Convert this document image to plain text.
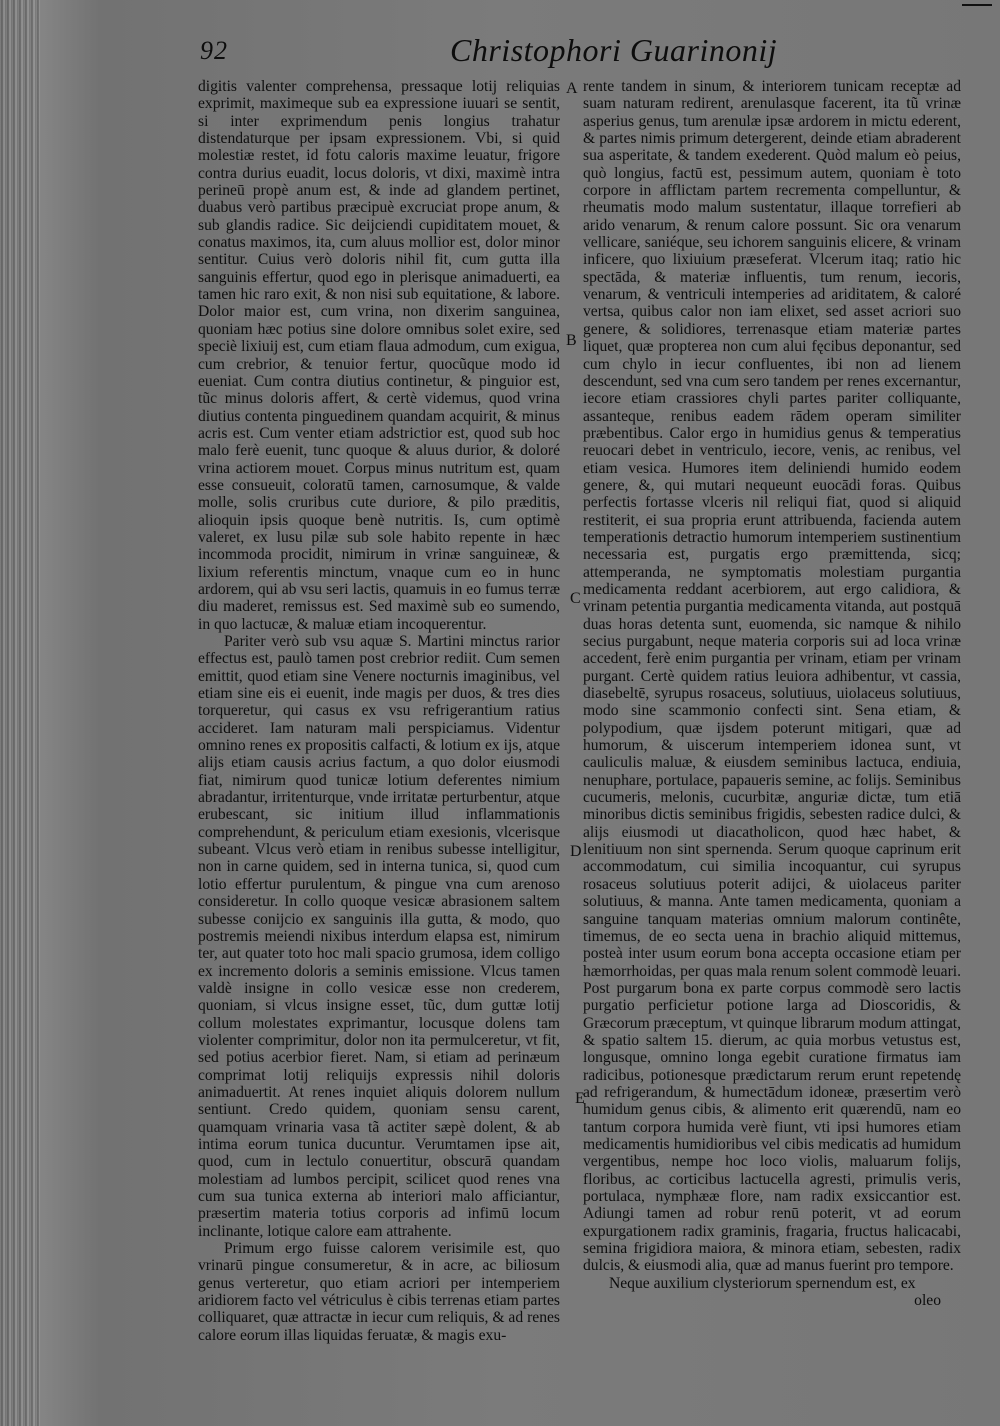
92	Christophori Guarinonij
A
B
C
D
E

digitis valenter comprehensa, pressaque lotij reliquias exprimit, maximeque sub ea expressione iuuari se sentit, si inter exprimendum penis longius trahatur distendaturque per ipsam expressionem. Vbi, si quid molestiæ restet, id fotu caloris maxime leuatur, frigore contra durius euadit, locus doloris, vt dixi, maximè intra perineū propè anum est, & inde ad glandem pertinet, duabus verò partibus præcipuè excruciat prope anum, & sub glandis radice. Sic deijciendi cupiditatem mouet, & conatus maximos, ita, cum aluus mollior est, dolor minor sentitur. Cuius verò doloris nihil fit, cum gutta illa sanguinis effertur, quod ego in plerisque animaduerti, ea tamen hic raro exit, & non nisi sub equitatione, & labore. Dolor maior est, cum vrina, non dixerim sanguinea, quoniam hæc potius sine dolore omnibus solet exire, sed speciè lixiuij est, cum etiam flaua admodum, cum exigua, cum crebrior, & tenuior fertur, quocũque modo id eueniat. Cum contra diutius continetur, & pinguior est, tũc minus doloris affert, & certè videmus, quod vrina diutius contenta pinguedinem quandam acquirit, & minus acris est. Cum venter etiam adstrictior est, quod sub hoc malo ferè euenit, tunc quoque & aluus durior, & doloré vrina actiorem mouet. Corpus minus nutritum est, quam esse consueuit, coloratū tamen, carnosumque, & valde molle, solis cruribus cute duriore, & pilo præditis, alioquin ipsis quoque benè nutritis. Is, cum optimè valeret, ex lusu pilæ sub sole habito repente in hæc incommoda procidit, nimirum in vrinæ sanguineæ, & lixium referentis minctum, vnaque cum eo in hunc ardorem, qui ab vsu seri lactis, quamuis in eo fumus terræ diu maderet, remissus est. Sed maximè sub eo sumendo, in quo lactucæ, & maluæ etiam incoquerentur.

Pariter verò sub vsu aquæ S. Martini minctus rarior effectus est, paulò tamen post crebrior rediit. Cum semen emittit, quod etiam sine Venere nocturnis imaginibus, vel etiam sine eis ei euenit, inde magis per duos, & tres dies torqueretur, qui casus ex vsu refrigerantium ratius accideret. Iam naturam mali perspiciamus. Videntur omnino renes ex propositis calfacti, & lotium ex ijs, atque alijs etiam causis acrius factum, a quo dolor eiusmodi fiat, nimirum quod tunicæ lotium deferentes nimium abradantur, irritenturque, vnde irritatæ perturbentur, atque erubescant, sic initium illud inflammationis comprehendunt, & periculum etiam exesionis, vlcerisque subeant. Vlcus verò etiam in renibus subesse intelligitur, non in carne quidem, sed in interna tunica, si, quod cum lotio effertur purulentum, & pingue vna cum arenoso consideretur. In collo quoque vesicæ abrasionem saltem subesse conijcio ex sanguinis illa gutta, & modo, quo postremis meiendi nixibus interdum elapsa est, nimirum ter, aut quater toto hoc mali spacio grumosa, idem colligo ex incremento doloris a seminis emissione. Vlcus tamen valdè insigne in collo vesicæ esse non crederem, quoniam, si vlcus insigne esset, tũc, dum guttæ lotij collum molestates exprimantur, locusque dolens tam violenter comprimitur, dolor non ita permulceretur, vt fit, sed potius acerbior fieret. Nam, si etiam ad perinæum comprimat lotij reliquijs expressis nihil doloris animaduertit. At renes inquiet aliquis dolorem nullum sentiunt. Credo quidem, quoniam sensu carent, quamquam vrinaria vasa tã actiter sæpè dolent, & ab intima eorum tunica ducuntur. Verumtamen ipse ait, quod, cum in lectulo conuertitur, obscurā quandam molestiam ad lumbos percipit, scilicet quod renes vna cum sua tunica externa ab interiori malo afficiantur, præsertim materia totius corporis ad infimū locum inclinante, lotique calore eam attrahente.

Primum ergo fuisse calorem verisimile est, quo vrinarū pingue consumeretur, & in acre, ac biliosum genus verteretur, quo etiam acriori per intemperiem aridiorem facto vel vétriculus è cibis terrenas etiam partes colliquaret, quæ attractæ in iecur cum reliquis, & ad renes calore eorum illas liquidas feruatæ, & magis exu-

rente tandem in sinum, & interiorem tunicam receptæ ad suam naturam redirent, arenulasque facerent, ita tũ vrinæ asperius genus, tum arenulæ ipsæ ardorem in mictu ederent, & partes nimis primum detergerent, deinde etiam abraderent sua asperitate, & tandem exederent. Quòd malum eò peius, quò longius, factū est, pessimum autem, quoniam è toto corpore in afflictam partem recrementa compelluntur, & rheumatis modo malum sustentatur, illaque torrefieri ab arido venarum, & renum calore possunt. Sic ora venarum vellicare, saniéque, seu ichorem sanguinis elicere, & vrinam inficere, quo lixiuium præseferat. Vlcerum itaq; ratio hic spectāda, & materiæ influentis, tum renum, iecoris, venarum, & ventriculi intemperies ad ariditatem, & caloré vertsa, quibus calor non iam elixet, sed asset acriori suo genere, & solidiores, terrenasque etiam materiæ partes liquet, quæ propterea non cum alui fęcibus deponantur, sed cum chylo in iecur confluentes, ibi non ad lienem descendunt, sed vna cum sero tandem per renes excernantur, iecore etiam crassiores chyli partes pariter colliquante, assanteque, renibus eadem rādem operam similiter præbentibus. Calor ergo in humidius genus & temperatius reuocari debet in ventriculo, iecore, venis, ac renibus, vel etiam vesica. Humores item deliniendi humido eodem genere, &, qui mutari nequeunt euocādi foras. Quibus perfectis fortasse vlceris nil reliqui fiat, quod si aliquid restiterit, ei sua propria erunt attribuenda, facienda autem temperationis detractio humorum intemperiem sustinentium necessaria est, purgatis ergo præmittenda, sicq; attemperanda, ne symptomatis molestiam purgantia medicamenta reddant acerbiorem, aut ergo calidiora, & vrinam petentia purgantia medicamenta vitanda, aut postquā duas horas detenta sunt, euomenda, sic namque & nihilo secius purgabunt, neque materia corporis sui ad loca vrinæ accedent, ferè enim purgantia per vrinam, etiam per vrinam purgant. Certè quidem ratius leuiora adhibentur, vt cassia, diasebeltē, syrupus rosaceus, solutiuus, uiolaceus solutiuus, modo sine scammonio confecti sint. Sena etiam, & polypodium, quæ ijsdem poterunt mitigari, quæ ad humorum, & uiscerum intemperiem idonea sunt, vt cauliculis maluæ, & eiusdem seminibus lactuca, endiuia, nenuphare, portulace, papaueris semine, ac folijs. Seminibus cucumeris, melonis, cucurbitæ, anguriæ dictæ, tum etiā minoribus dictis seminibus frigidis, sebesten radice dulci, & alijs eiusmodi ut diacatholicon, quod hæc habet, & lenitiuum non sint spernenda. Serum quoque caprinum erit accommodatum, cui similia incoquantur, cui syrupus rosaceus solutiuus poterit adijci, & uiolaceus pariter solutiuus, & manna. Ante tamen medicamenta, quoniam a sanguine tanquam materias omnium malorum continête, timemus, de eo secta uena in brachio aliquid mittemus, posteà inter usum eorum bona accepta occasione etiam per hæmorrhoidas, per quas mala renum solent commodè leuari. Post purgarum bona ex parte corpus commodè sero lactis purgatio perficietur potione larga ad Dioscoridis, & Græcorum præceptum, vt quinque librarum modum attingat, & spatio saltem 15. dierum, ac quia morbus vetustus est, longusque, omnino longa egebit curatione firmatus iam radicibus, potionesque prædictarum rerum erunt repetendę ad refrigerandum, & humectādum idoneæ, præsertim verò humidum genus cibis, & alimento erit quærendū, nam eo tantum corpora humida verè fiunt, vti ipsi humores etiam medicamentis humidioribus vel cibis medicatis ad humidum vergentibus, nempe hoc loco violis, maluarum folijs, floribus, ac corticibus lactucella agresti, primulis veris, portulaca, nymphææ flore, nam radix exsiccantior est. Adiungi tamen ad robur renū poterit, vt ad eorum expurgationem radix graminis, fragaria, fructus halicacabi, semina frigidiora maiora, & minora etiam, sebesten, radix dulcis, & eiusmodi alia, quæ ad manus fuerint pro tempore.

Neque auxilium clysteriorum spernendum est, ex

oleo
